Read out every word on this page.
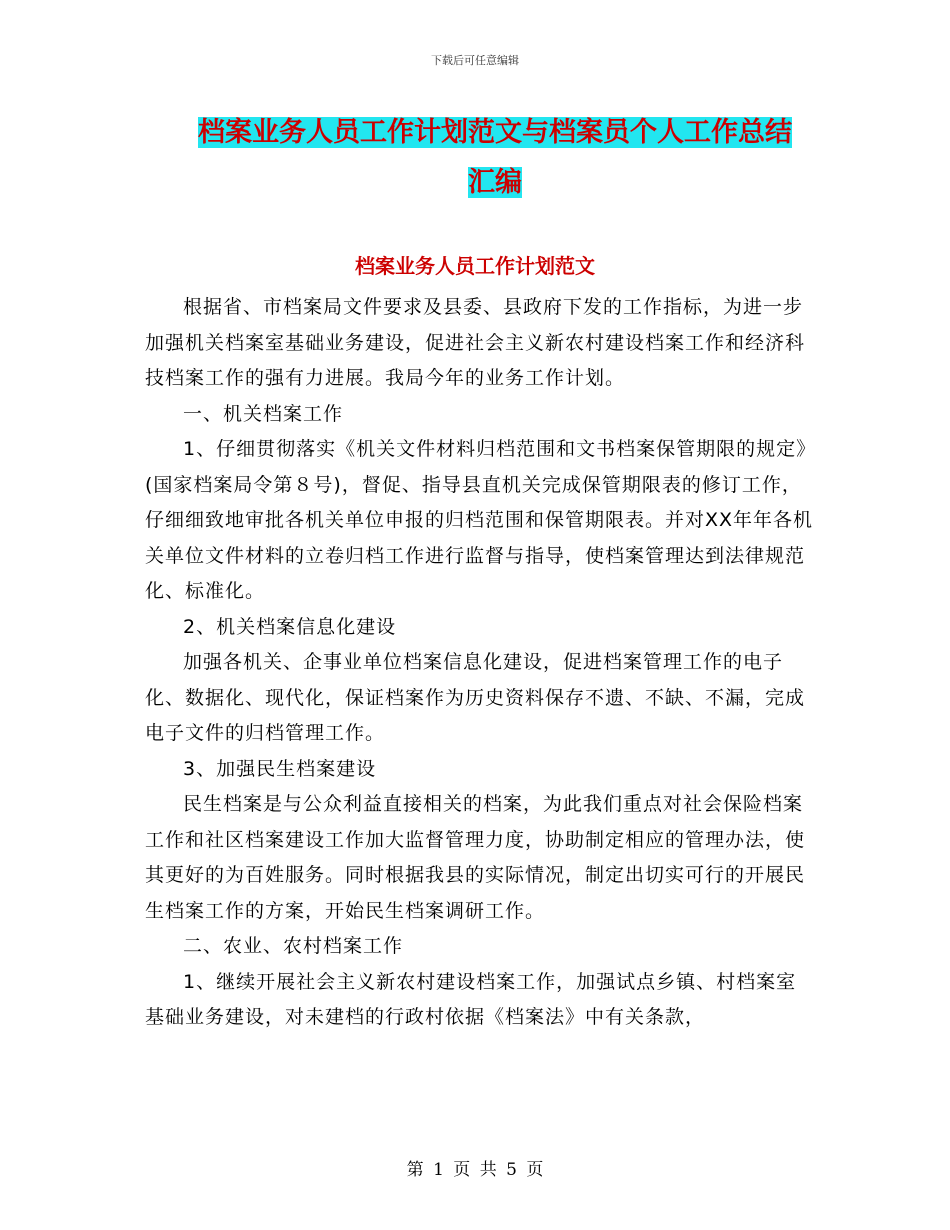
下载后可任意编辑
档案业务人员工作计划范文与档案员个人工作总结汇编
档案业务人员工作计划范文

根据省、市档案局文件要求及县委、县政府下发的工作指标，为进一步加强机关档案室基础业务建设，促进社会主义新农村建设档案工作和经济科技档案工作的强有力进展。我局今年的业务工作计划。

一、机关档案工作

1、仔细贯彻落实《机关文件材料归档范围和文书档案保管期限的规定》(国家档案局令第８号)，督促、指导县直机关完成保管期限表的修订工作，仔细细致地审批各机关单位申报的归档范围和保管期限表。并对XX年年各机关单位文件材料的立卷归档工作进行监督与指导，使档案管理达到法律规范化、标准化。

2、机关档案信息化建设

加强各机关、企事业单位档案信息化建设，促进档案管理工作的电子化、数据化、现代化，保证档案作为历史资料保存不遗、不缺、不漏，完成电子文件的归档管理工作。

3、加强民生档案建设

民生档案是与公众利益直接相关的档案，为此我们重点对社会保险档案工作和社区档案建设工作加大监督管理力度，协助制定相应的管理办法，使其更好的为百姓服务。同时根据我县的实际情况，制定出切实可行的开展民生档案工作的方案，开始民生档案调研工作。

二、农业、农村档案工作

1、继续开展社会主义新农村建设档案工作，加强试点乡镇、村档案室基础业务建设，对未建档的行政村依据《档案法》中有关条款，

第 1 页 共 5 页
